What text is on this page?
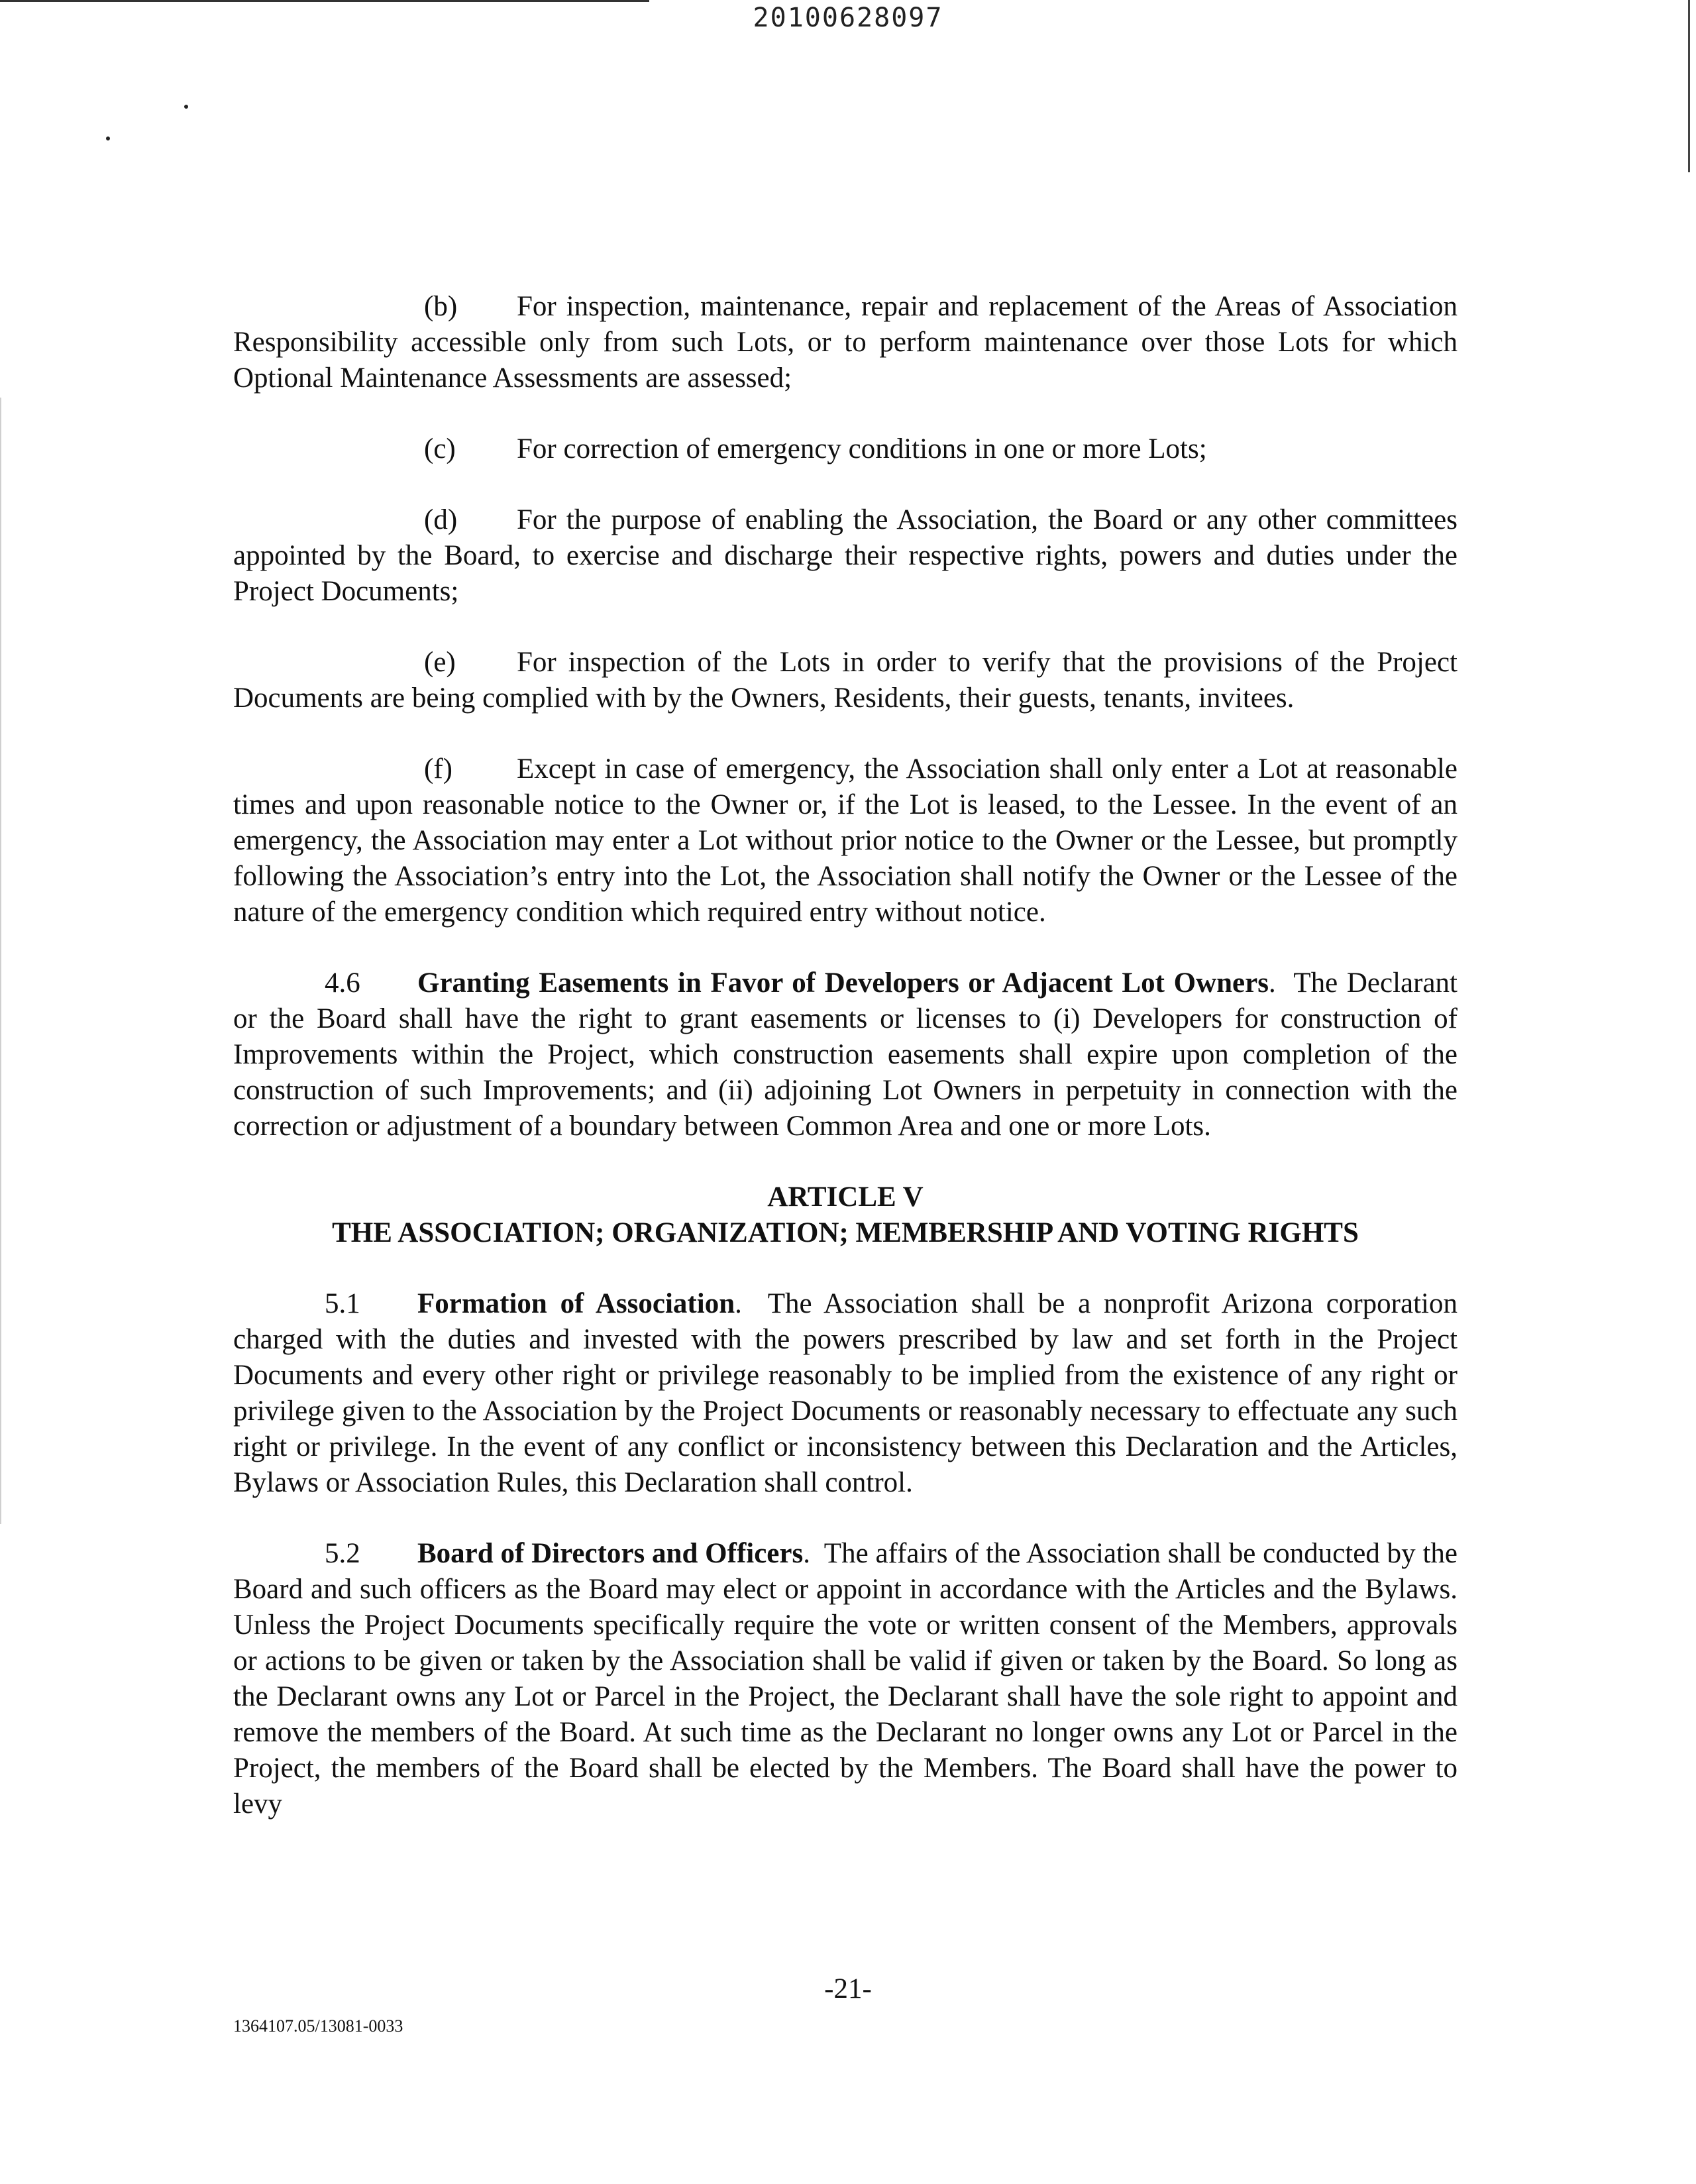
20100628097

(b) For inspection, maintenance, repair and replacement of the Areas of Association Responsibility accessible only from such Lots, or to perform maintenance over those Lots for which Optional Maintenance Assessments are assessed;

(c) For correction of emergency conditions in one or more Lots;

(d) For the purpose of enabling the Association, the Board or any other committees appointed by the Board, to exercise and discharge their respective rights, powers and duties under the Project Documents;

(e) For inspection of the Lots in order to verify that the provisions of the Project Documents are being complied with by the Owners, Residents, their guests, tenants, invitees.

(f) Except in case of emergency, the Association shall only enter a Lot at reasonable times and upon reasonable notice to the Owner or, if the Lot is leased, to the Lessee. In the event of an emergency, the Association may enter a Lot without prior notice to the Owner or the Lessee, but promptly following the Association’s entry into the Lot, the Association shall notify the Owner or the Lessee of the nature of the emergency condition which required entry without notice.

4.6 Granting Easements in Favor of Developers or Adjacent Lot Owners.  The Declarant or the Board shall have the right to grant easements or licenses to (i) Developers for construction of Improvements within the Project, which construction easements shall expire upon completion of the construction of such Improvements; and (ii) adjoining Lot Owners in perpetuity in connection with the correction or adjustment of a boundary between Common Area and one or more Lots.

ARTICLE V
THE ASSOCIATION; ORGANIZATION; MEMBERSHIP AND VOTING RIGHTS

5.1 Formation of Association.  The Association shall be a nonprofit Arizona corporation charged with the duties and invested with the powers prescribed by law and set forth in the Project Documents and every other right or privilege reasonably to be implied from the existence of any right or privilege given to the Association by the Project Documents or reasonably necessary to effectuate any such right or privilege. In the event of any conflict or inconsistency between this Declaration and the Articles, Bylaws or Association Rules, this Declaration shall control.

5.2 Board of Directors and Officers.  The affairs of the Association shall be conducted by the Board and such officers as the Board may elect or appoint in accordance with the Articles and the Bylaws. Unless the Project Documents specifically require the vote or written consent of the Members, approvals or actions to be given or taken by the Association shall be valid if given or taken by the Board. So long as the Declarant owns any Lot or Parcel in the Project, the Declarant shall have the sole right to appoint and remove the members of the Board. At such time as the Declarant no longer owns any Lot or Parcel in the Project, the members of the Board shall be elected by the Members. The Board shall have the power to levy

-21-
1364107.05/13081-0033
